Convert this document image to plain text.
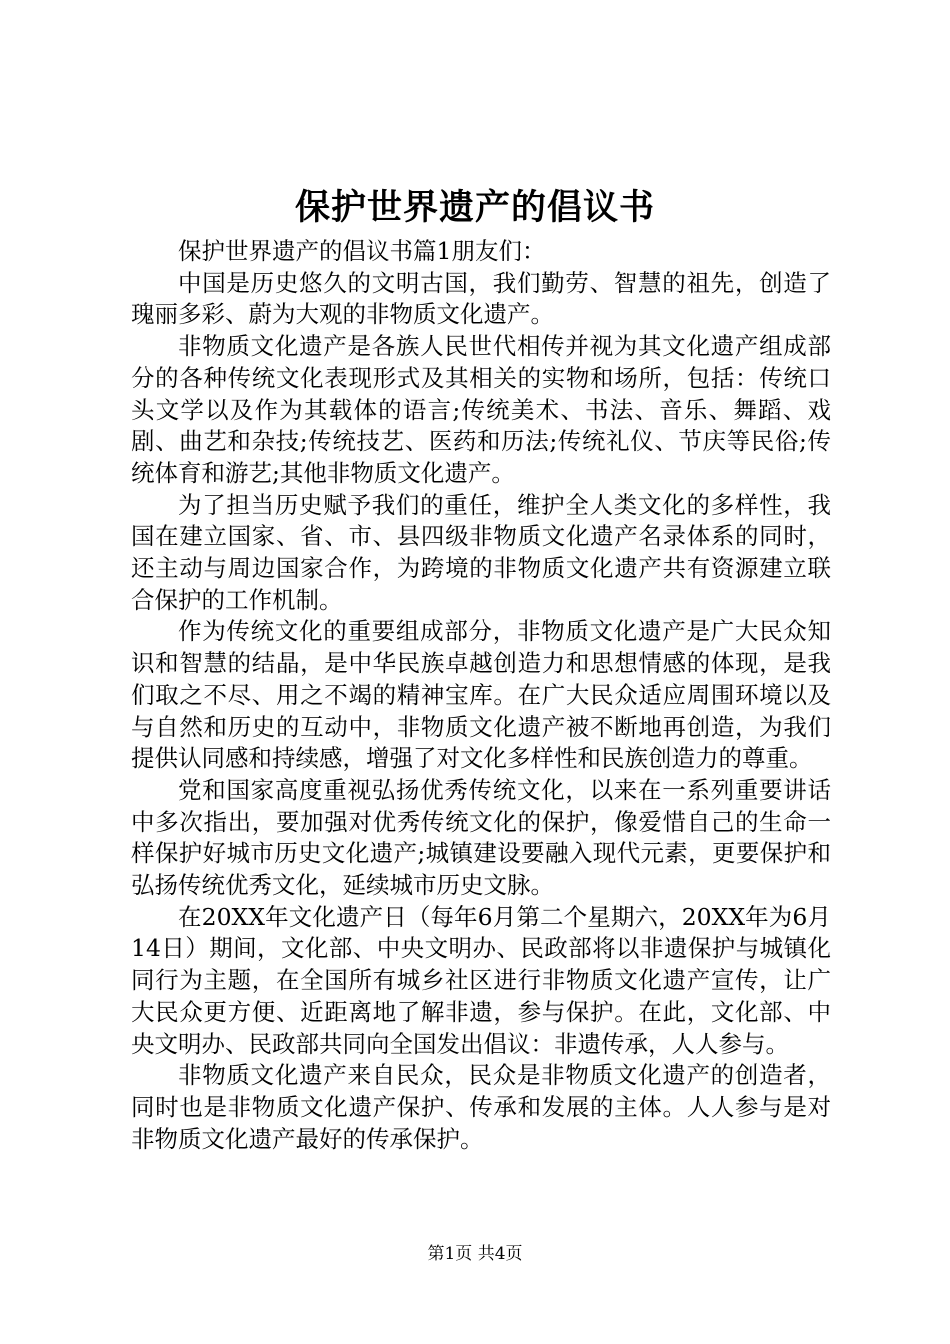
保护世界遗产的倡议书

保护世界遗产的倡议书篇1朋友们：

中国是历史悠久的文明古国，我们勤劳、智慧的祖先，创造了瑰丽多彩、蔚为大观的非物质文化遗产。

非物质文化遗产是各族人民世代相传并视为其文化遗产组成部分的各种传统文化表现形式及其相关的实物和场所，包括：传统口头文学以及作为其载体的语言;传统美术、书法、音乐、舞蹈、戏剧、曲艺和杂技;传统技艺、医药和历法;传统礼仪、节庆等民俗;传统体育和游艺;其他非物质文化遗产。

为了担当历史赋予我们的重任，维护全人类文化的多样性，我国在建立国家、省、市、县四级非物质文化遗产名录体系的同时，还主动与周边国家合作，为跨境的非物质文化遗产共有资源建立联合保护的工作机制。

作为传统文化的重要组成部分，非物质文化遗产是广大民众知识和智慧的结晶，是中华民族卓越创造力和思想情感的体现，是我们取之不尽、用之不竭的精神宝库。在广大民众适应周围环境以及与自然和历史的互动中，非物质文化遗产被不断地再创造，为我们提供认同感和持续感，增强了对文化多样性和民族创造力的尊重。

党和国家高度重视弘扬优秀传统文化，以来在一系列重要讲话中多次指出，要加强对优秀传统文化的保护，像爱惜自己的生命一样保护好城市历史文化遗产;城镇建设要融入现代元素，更要保护和弘扬传统优秀文化，延续城市历史文脉。

在20XX年文化遗产日（每年6月第二个星期六，20XX年为6月14日）期间，文化部、中央文明办、民政部将以非遗保护与城镇化同行为主题，在全国所有城乡社区进行非物质文化遗产宣传，让广大民众更方便、近距离地了解非遗，参与保护。在此，文化部、中央文明办、民政部共同向全国发出倡议：非遗传承，人人参与。

非物质文化遗产来自民众，民众是非物质文化遗产的创造者，同时也是非物质文化遗产保护、传承和发展的主体。人人参与是对非物质文化遗产最好的传承保护。

第1页 共4页
